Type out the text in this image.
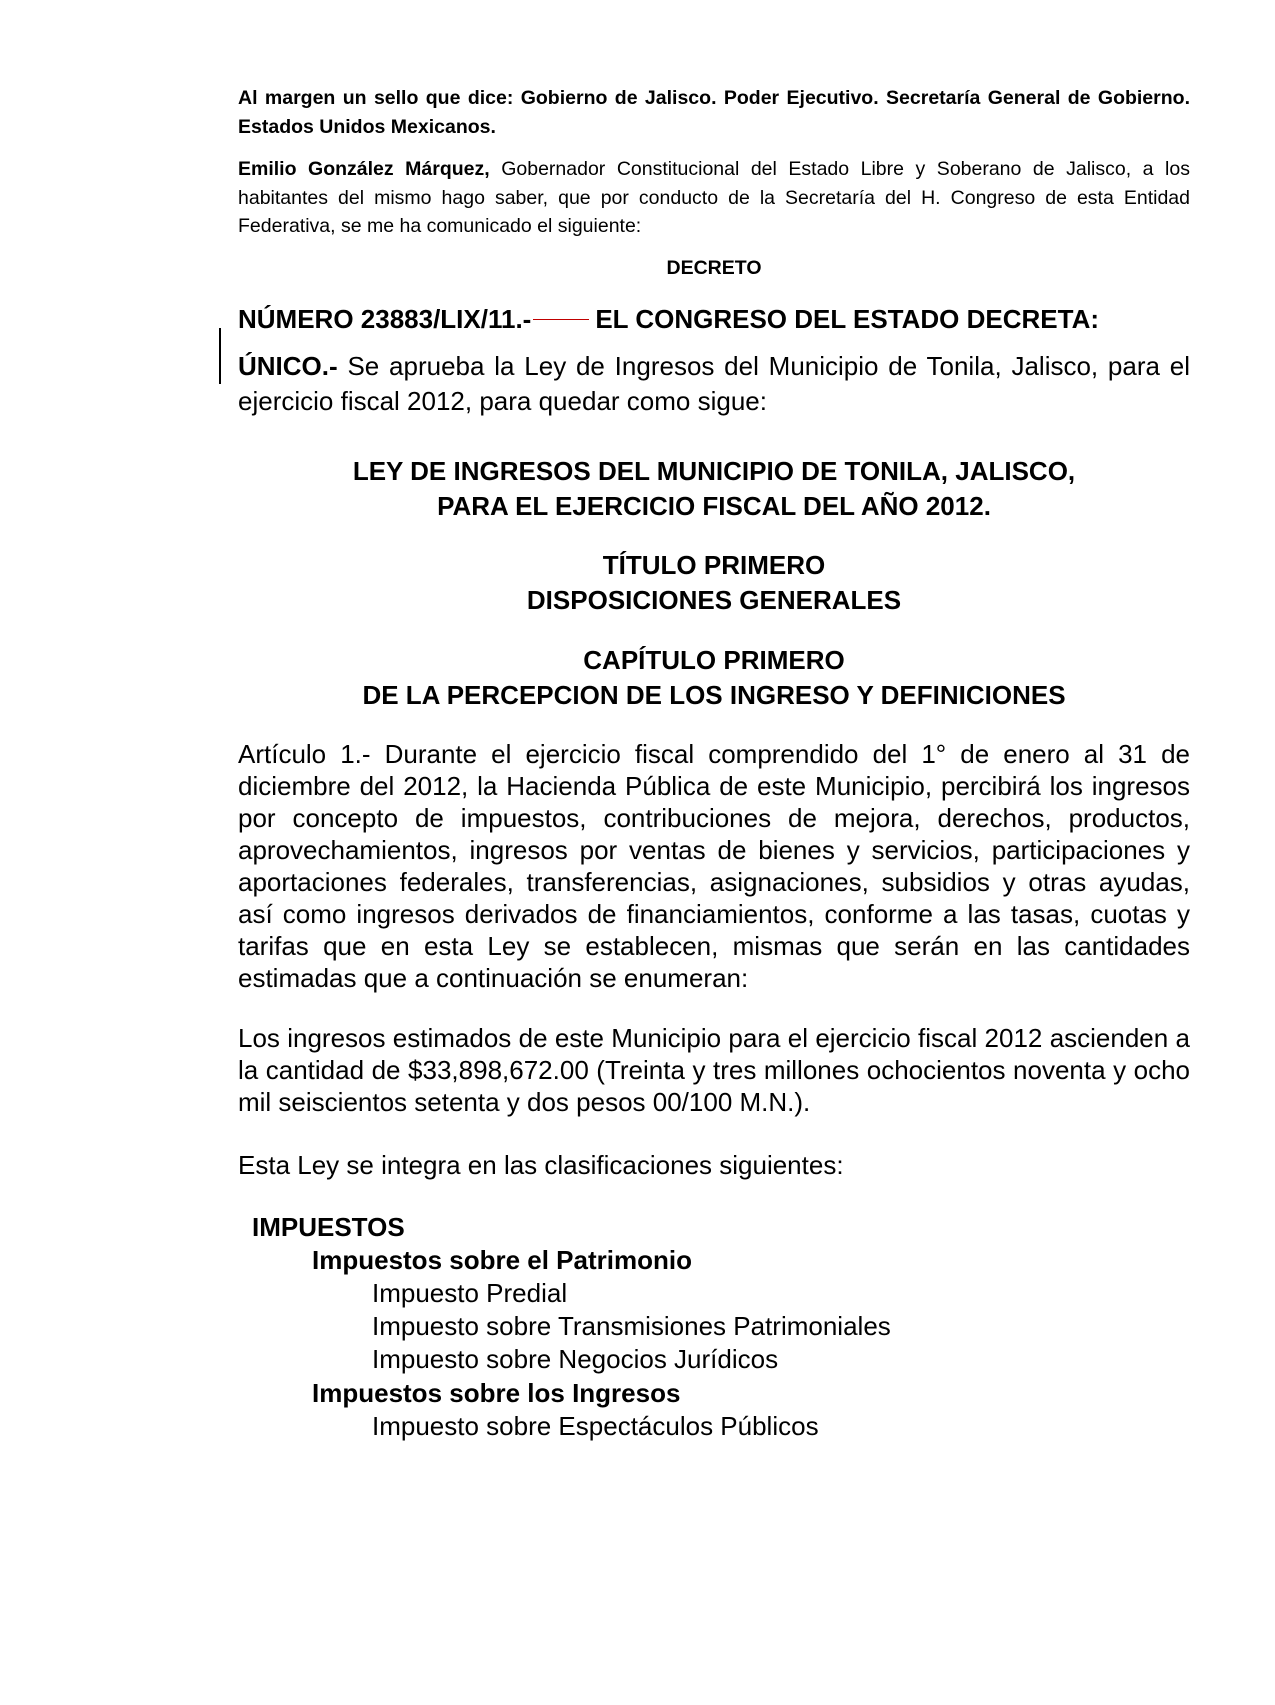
Al margen un sello que dice: Gobierno de Jalisco. Poder Ejecutivo. Secretaría General de Gobierno. Estados Unidos Mexicanos.
Emilio González Márquez, Gobernador Constitucional del Estado Libre y Soberano de Jalisco, a los habitantes del mismo hago saber, que por conducto de la Secretaría del H. Congreso de esta Entidad Federativa, se me ha comunicado el siguiente:
DECRETO
NÚMERO 23883/LIX/11.- EL CONGRESO DEL ESTADO DECRETA:
ÚNICO.- Se aprueba la Ley de Ingresos del Municipio de Tonila, Jalisco, para el ejercicio fiscal 2012, para quedar como sigue:
LEY DE INGRESOS DEL MUNICIPIO DE TONILA, JALISCO,
PARA EL EJERCICIO FISCAL DEL AÑO 2012.
TÍTULO PRIMERO
DISPOSICIONES GENERALES
CAPÍTULO PRIMERO
DE LA PERCEPCION DE LOS INGRESO Y DEFINICIONES
Artículo 1.- Durante el ejercicio fiscal comprendido del 1° de enero al 31 de diciembre del 2012, la Hacienda Pública de este Municipio, percibirá los ingresos por concepto de impuestos, contribuciones de mejora, derechos, productos, aprovechamientos, ingresos por ventas de bienes y servicios, participaciones y aportaciones federales, transferencias, asignaciones, subsidios y otras ayudas, así como ingresos derivados de financiamientos, conforme a las tasas, cuotas y tarifas que en esta Ley se establecen, mismas que serán en las cantidades estimadas que a continuación se enumeran:
Los ingresos estimados de este Municipio para el ejercicio fiscal 2012 ascienden a la cantidad de $33,898,672.00 (Treinta y tres millones ochocientos noventa y ocho mil seiscientos setenta y dos pesos 00/100 M.N.).
Esta Ley se integra en las clasificaciones siguientes:
IMPUESTOS
Impuestos sobre el Patrimonio
Impuesto Predial
Impuesto sobre Transmisiones Patrimoniales
Impuesto sobre Negocios Jurídicos
Impuestos sobre los Ingresos
Impuesto sobre Espectáculos Públicos
